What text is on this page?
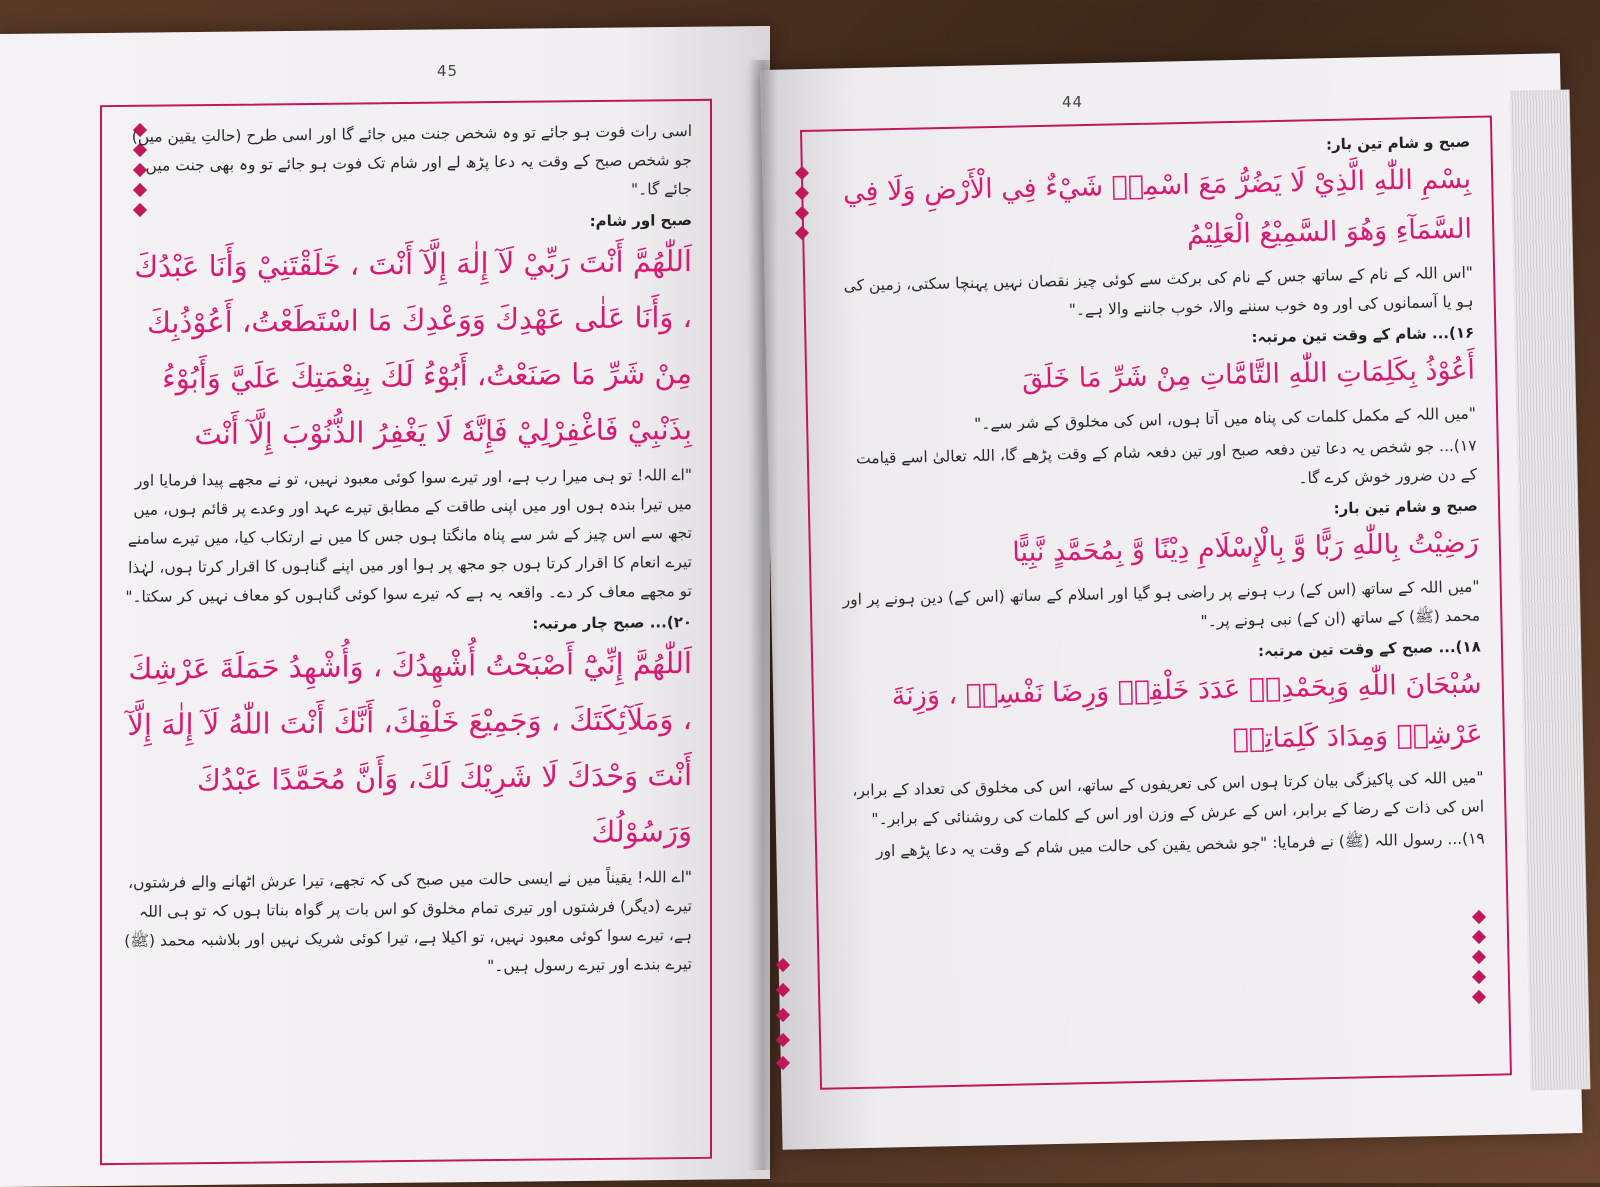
45
44

اسی رات فوت ہو جائے تو وہ شخص جنت میں جائے گا اور اسی طرح (حالتِ یقین میں) جو شخص صبح کے وقت یہ دعا پڑھ لے اور شام تک فوت ہو جائے تو وہ بھی جنت میں جائے گا۔"

صبح اور شام:

اَللّٰهُمَّ أَنْتَ رَبِّيْ لَآ إِلٰهَ إِلَّآ أَنْتَ ، خَلَقْتَنِيْ وَأَنَا عَبْدُكَ ، وَأَنَا عَلٰى عَهْدِكَ وَوَعْدِكَ مَا اسْتَطَعْتُ، أَعُوْذُبِكَ مِنْ شَرِّ مَا صَنَعْتُ، أَبُوْءُ لَكَ بِنِعْمَتِكَ عَلَيَّ وَأَبُوْءُ بِذَنْبِيْ فَاغْفِرْلِيْ فَإِنَّهٗ لَا يَغْفِرُ الذُّنُوْبَ إِلَّآ أَنْتَ

"اے اللہ! تو ہی میرا رب ہے، اور تیرے سوا کوئی معبود نہیں، تو نے مجھے پیدا فرمایا اور میں تیرا بندہ ہوں اور میں اپنی طاقت کے مطابق تیرے عہد اور وعدے پر قائم ہوں، میں تجھ سے اس چیز کے شر سے پناہ مانگتا ہوں جس کا میں نے ارتکاب کیا، میں تیرے سامنے تیرے انعام کا اقرار کرتا ہوں جو مجھ پر ہوا اور میں اپنے گناہوں کا اقرار کرتا ہوں، لہٰذا تو مجھے معاف کر دے۔ واقعہ یہ ہے کہ تیرے سوا کوئی گناہوں کو معاف نہیں کر سکتا۔"

۲۰)... صبح چار مرتبہ:

اَللّٰهُمَّ إِنِّيْٓ أَصْبَحْتُ أُشْهِدُكَ ، وَأُشْهِدُ حَمَلَةَ عَرْشِكَ ، وَمَلَآئِكَتَكَ ، وَجَمِيْعَ خَلْقِكَ، أَنَّكَ أَنْتَ اللّٰهُ لَآ إِلٰهَ إِلَّآ أَنْتَ وَحْدَكَ لَا شَرِيْكَ لَكَ، وَأَنَّ مُحَمَّدًا عَبْدُكَ وَرَسُوْلُكَ

"اے اللہ! یقیناً میں نے ایسی حالت میں صبح کی کہ تجھے، تیرا عرش اٹھانے والے فرشتوں، تیرے (دیگر) فرشتوں اور تیری تمام مخلوق کو اس بات پر گواہ بناتا ہوں کہ تو ہی اللہ ہے، تیرے سوا کوئی معبود نہیں، تو اکیلا ہے، تیرا کوئی شریک نہیں اور بلاشبہ محمد (ﷺ) تیرے بندے اور تیرے رسول ہیں۔"

صبح و شام تین بار:

بِسْمِ اللّٰهِ الَّذِيْ لَا يَضُرُّ مَعَ اسْمِهٖ شَيْءٌ فِي الْأَرْضِ وَلَا فِي السَّمَآءِ وَهُوَ السَّمِيْعُ الْعَلِيْمُ

"اس اللہ کے نام کے ساتھ جس کے نام کی برکت سے کوئی چیز نقصان نہیں پہنچا سکتی، زمین کی ہو یا آسمانوں کی اور وہ خوب سننے والا، خوب جاننے والا ہے۔"

۱۶)... شام کے وقت تین مرتبہ:

أَعُوْذُ بِكَلِمَاتِ اللّٰهِ التَّامَّاتِ مِنْ شَرِّ مَا خَلَقَ

"میں اللہ کے مکمل کلمات کی پناہ میں آتا ہوں، اس کی مخلوق کے شر سے۔"

۱۷)... جو شخص یہ دعا تین دفعہ صبح اور تین دفعہ شام کے وقت پڑھے گا، اللہ تعالیٰ اسے قیامت کے دن ضرور خوش کرے گا۔

صبح و شام تین بار:

رَضِيْتُ بِاللّٰهِ رَبًّا وَّ بِالْإِسْلَامِ دِيْنًا وَّ بِمُحَمَّدٍ نَّبِيًّا

"میں اللہ کے ساتھ (اس کے) رب ہونے پر راضی ہو گیا اور اسلام کے ساتھ (اس کے) دین ہونے پر اور محمد (ﷺ) کے ساتھ (ان کے) نبی ہونے پر۔"

۱۸)... صبح کے وقت تین مرتبہ:

سُبْحَانَ اللّٰهِ وَبِحَمْدِهٖ عَدَدَ خَلْقِهٖ وَرِضَا نَفْسِهٖ ، وَزِنَةَ عَرْشِهٖ وَمِدَادَ كَلِمَاتِهٖ

"میں اللہ کی پاکیزگی بیان کرتا ہوں اس کی تعریفوں کے ساتھ، اس کی مخلوق کی تعداد کے برابر، اس کی ذات کے رضا کے برابر، اس کے عرش کے وزن اور اس کے کلمات کی روشنائی کے برابر۔"

۱۹)... رسول اللہ (ﷺ) نے فرمایا: "جو شخص یقین کی حالت میں شام کے وقت یہ دعا پڑھے اور
